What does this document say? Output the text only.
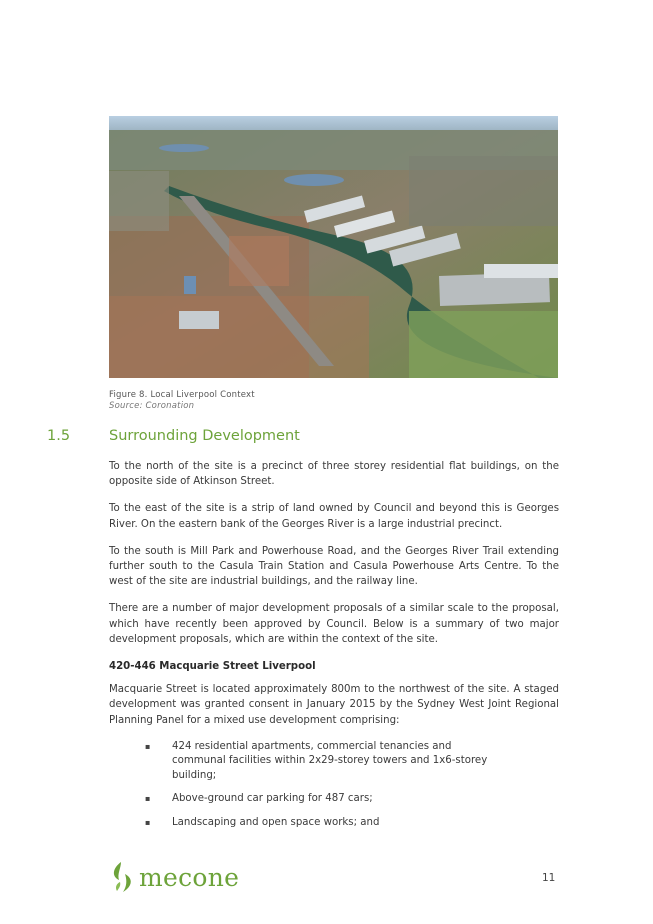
Figure 8. Local Liverpool Context
Source: Coronation
1.5	Surrounding Development

To the north of the site is a precinct of three storey residential flat buildings, on the opposite side of Atkinson Street.

To the east of the site is a strip of land owned by Council and beyond this is Georges River. On the eastern bank of the Georges River is a large industrial precinct.

To the south is Mill Park and Powerhouse Road, and the Georges River Trail extending further south to the Casula Train Station and Casula Powerhouse Arts Centre. To the west of the site are industrial buildings, and the railway line.

There are a number of major development proposals of a similar scale to the proposal, which have recently been approved by Council. Below is a summary of two major development proposals, which are within the context of the site.

420-446 Macquarie Street Liverpool

Macquarie Street is located approximately 800m to the northwest of the site. A staged development was granted consent in January 2015 by the Sydney West Joint Regional Planning Panel for a mixed use development comprising:

▪ 424 residential apartments, commercial tenancies and communal facilities within 2x29-storey towers and 1x6-storey building;
▪ Above-ground car parking for 487 cars;
▪ Landscaping and open space works; and
mecone	11
